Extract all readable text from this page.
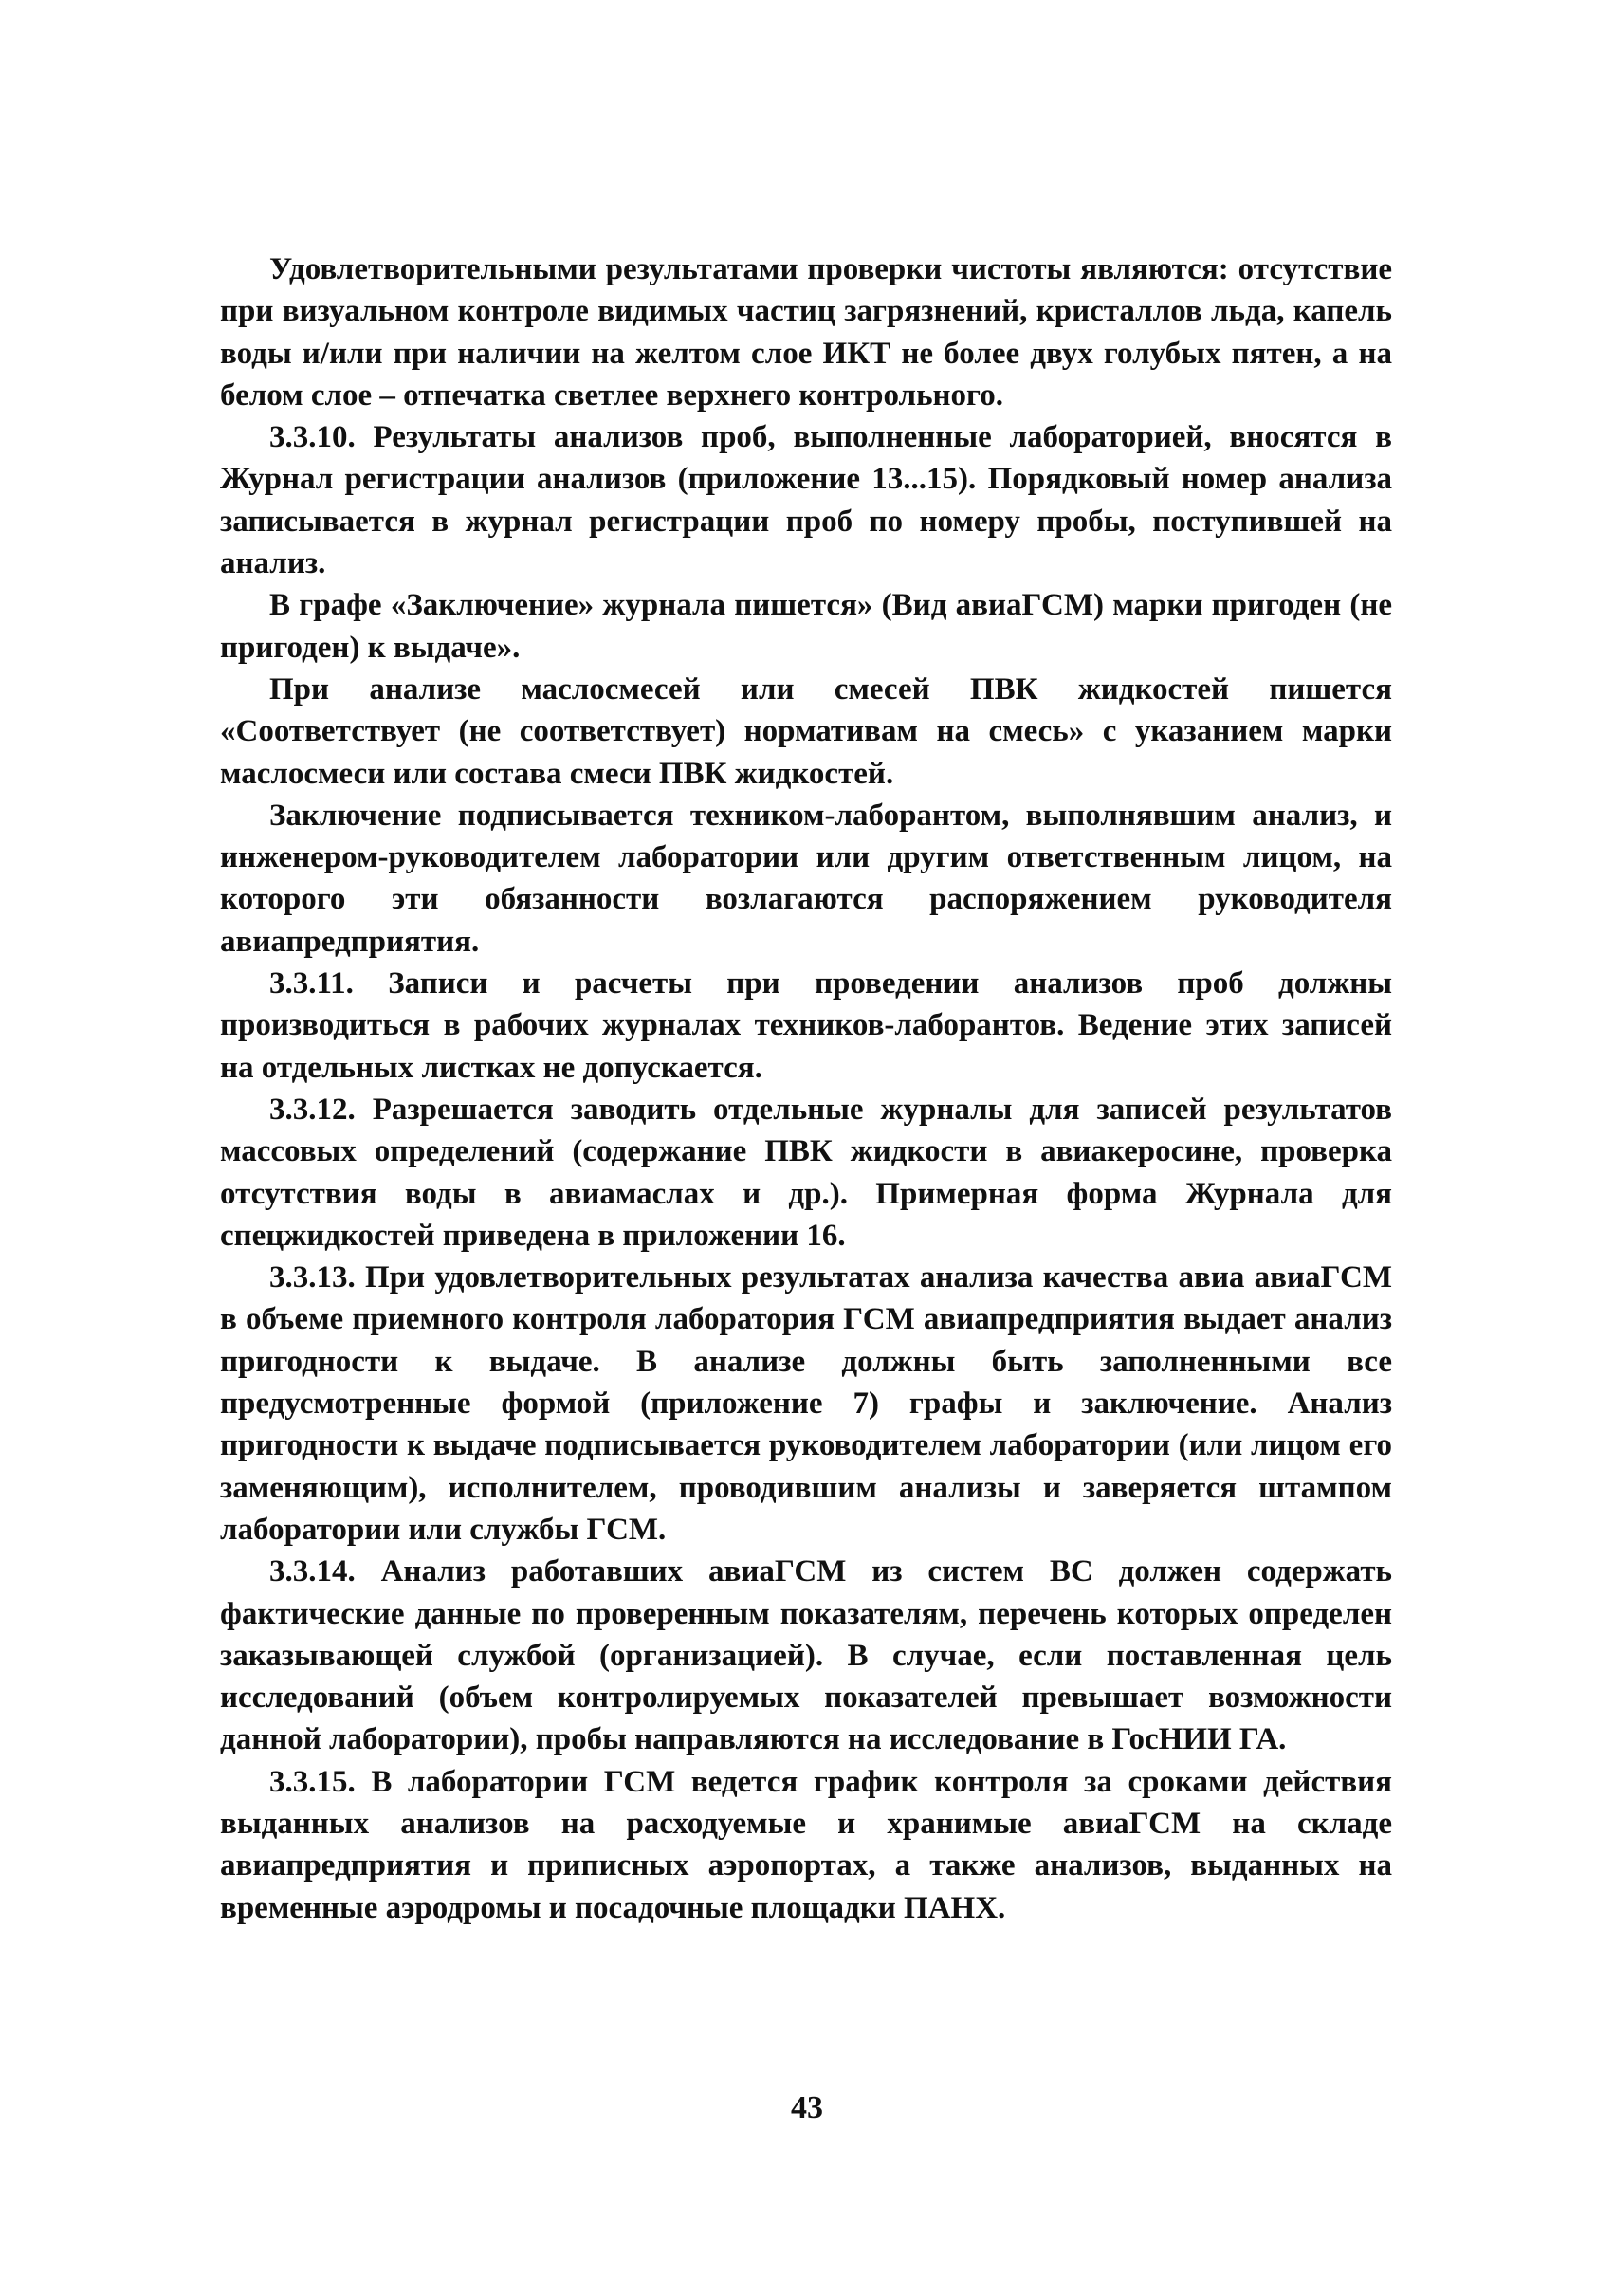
Удовлетворительными результатами проверки чистоты являются: отсутствие при визуальном контроле видимых частиц загрязнений, кристаллов льда, капель воды и/или при наличии на желтом слое ИКТ не более двух голубых пятен, а на белом слое – отпечатка светлее верхнего контрольного.

3.3.10. Результаты анализов проб, выполненные лабораторией, вносятся в Журнал регистрации анализов (приложение 13...15). Порядковый номер анализа записывается в журнал регистрации проб по номеру пробы, поступившей на анализ.

В графе «Заключение» журнала пишется» (Вид авиаГСМ) марки пригоден (не пригоден) к выдаче».

При анализе маслосмесей или смесей ПВК жидкостей пишется «Соответствует (не соответствует) нормативам на смесь» с указанием марки маслосмеси или состава смеси ПВК жидкостей.

Заключение подписывается техником-лаборантом, выполнявшим анализ, и инженером-руководителем лаборатории или другим ответственным лицом, на которого эти обязанности возлагаются распоряжением руководителя авиапредприятия.

3.3.11. Записи и расчеты при проведении анализов проб должны производиться в рабочих журналах техников-лаборантов. Ведение этих записей на отдельных листках не допускается.

3.3.12. Разрешается заводить отдельные журналы для записей результатов массовых определений (содержание ПВК жидкости в авиакеросине, проверка отсутствия воды в авиамаслах и др.). Примерная форма Журнала для спецжидкостей приведена в приложении 16.

3.3.13. При удовлетворительных результатах анализа качества авиа авиаГСМ в объеме приемного контроля лаборатория ГСМ авиапредприятия выдает анализ пригодности к выдаче. В анализе должны быть заполненными все предусмотренные формой (приложение 7) графы и заключение. Анализ пригодности к выдаче подписывается руководителем лаборатории (или лицом его заменяющим), исполнителем, проводившим анализы и заверяется штампом лаборатории или службы ГСМ.

3.3.14. Анализ работавших авиаГСМ из систем ВС должен содержать фактические данные по проверенным показателям, перечень которых определен заказывающей службой (организацией). В случае, если поставленная цель исследований (объем контролируемых показателей превышает возможности данной лаборатории), пробы направляются на исследование в ГосНИИ ГА.

3.3.15. В лаборатории ГСМ ведется график контроля за сроками действия выданных анализов на расходуемые и хранимые авиаГСМ на складе авиапредприятия и приписных аэропортах, а также анализов, выданных на временные аэродромы и посадочные площадки ПАНХ.

43
